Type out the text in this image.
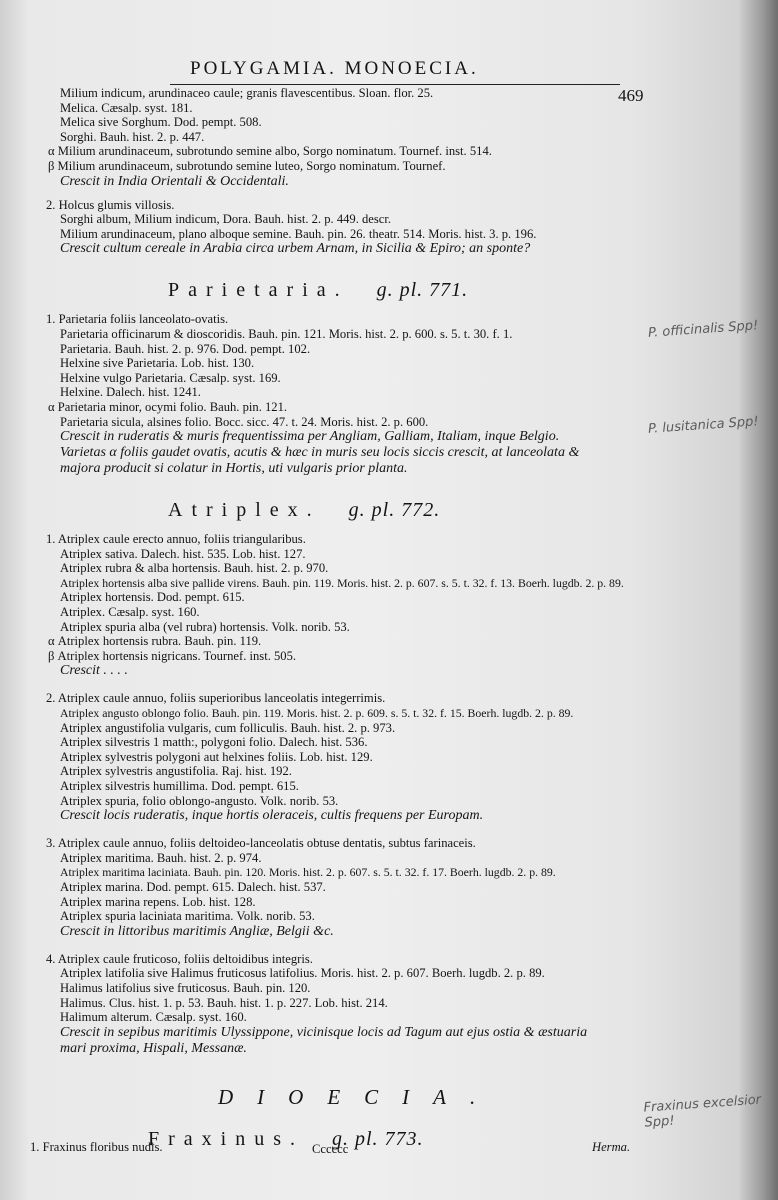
POLYGAMIA. MONOECIA.
469
Milium indicum, arundinaceo caule; granis flavescentibus. Sloan. flor. 25.
Melica. Cæsalp. syst. 181.
Melica sive Sorghum. Dod. pempt. 508.
Sorghi. Bauh. hist. 2. p. 447.
α Milium arundinaceum, subrotundo semine albo, Sorgo nominatum. Tournef. inst. 514.
β Milium arundinaceum, subrotundo semine luteo, Sorgo nominatum. Tournef.
Crescit in India Orientali & Occidentali.
2. Holcus glumis villosis.
Sorghi album, Milium indicum, Dora. Bauh. hist. 2. p. 449. descr.
Milium arundinaceum, plano alboque semine. Bauh. pin. 26. theatr. 514. Moris. hist. 3. p. 196.
Crescit cultum cereale in Arabia circa urbem Arnam, in Sicilia & Epiro; an sponte?
Parietaria. g. pl. 771.
1. Parietaria foliis lanceolato-ovatis.
Parietaria officinarum & dioscoridis. Bauh. pin. 121. Moris. hist. 2. p. 600. s. 5. t. 30. f. 1.
Parietaria. Bauh. hist. 2. p. 976. Dod. pempt. 102.
Helxine sive Parietaria. Lob. hist. 130.
Helxine vulgo Parietaria. Cæsalp. syst. 169.
Helxine. Dalech. hist. 1241.
α Parietaria minor, ocymi folio. Bauh. pin. 121.
Parietaria sicula, alsines folio. Bocc. sicc. 47. t. 24. Moris. hist. 2. p. 600.
Crescit in ruderatis & muris frequentissima per Angliam, Galliam, Italiam, inque Belgio.
Varietas α foliis gaudet ovatis, acutis & hæc in muris seu locis siccis crescit, at lanceolata &
majora producit si colatur in Hortis, uti vulgaris prior planta.
Atriplex. g. pl. 772.
1. Atriplex caule erecto annuo, foliis triangularibus.
Atriplex sativa. Dalech. hist. 535. Lob. hist. 127.
Atriplex rubra & alba hortensis. Bauh. hist. 2. p. 970.
Atriplex hortensis alba sive pallide virens. Bauh. pin. 119. Moris. hist. 2. p. 607. s. 5. t. 32. f. 13. Boerh. lugdb. 2. p. 89.
Atriplex hortensis. Dod. pempt. 615.
Atriplex. Cæsalp. syst. 160.
Atriplex spuria alba (vel rubra) hortensis. Volk. norib. 53.
α Atriplex hortensis rubra. Bauh. pin. 119.
β Atriplex hortensis nigricans. Tournef. inst. 505.
Crescit . . . .
2. Atriplex caule annuo, foliis superioribus lanceolatis integerrimis.
Atriplex angusto oblongo folio. Bauh. pin. 119. Moris. hist. 2. p. 609. s. 5. t. 32. f. 15. Boerh. lugdb. 2. p. 89.
Atriplex angustifolia vulgaris, cum folliculis. Bauh. hist. 2. p. 973.
Atriplex silvestris 1 matth:, polygoni folio. Dalech. hist. 536.
Atriplex sylvestris polygoni aut helxines foliis. Lob. hist. 129.
Atriplex sylvestris angustifolia. Raj. hist. 192.
Atriplex silvestris humillima. Dod. pempt. 615.
Atriplex spuria, folio oblongo-angusto. Volk. norib. 53.
Crescit locis ruderatis, inque hortis oleraceis, cultis frequens per Europam.
3. Atriplex caule annuo, foliis deltoideo-lanceolatis obtuse dentatis, subtus farinaceis.
Atriplex maritima. Bauh. hist. 2. p. 974.
Atriplex maritima laciniata. Bauh. pin. 120. Moris. hist. 2. p. 607. s. 5. t. 32. f. 17. Boerh. lugdb. 2. p. 89.
Atriplex marina. Dod. pempt. 615. Dalech. hist. 537.
Atriplex marina repens. Lob. hist. 128.
Atriplex spuria laciniata maritima. Volk. norib. 53.
Crescit in littoribus maritimis Angliæ, Belgii &c.
4. Atriplex caule fruticoso, foliis deltoidibus integris.
Atriplex latifolia sive Halimus fruticosus latifolius. Moris. hist. 2. p. 607. Boerh. lugdb. 2. p. 89.
Halimus latifolius sive fruticosus. Bauh. pin. 120.
Halimus. Clus. hist. 1. p. 53. Bauh. hist. 1. p. 227. Lob. hist. 214.
Halimum alterum. Cæsalp. syst. 160.
Crescit in sepibus maritimis Ulyssippone, vicinisque locis ad Tagum aut ejus ostia & æstuaria
mari proxima, Hispali, Messanæ.
DIOECIA.
Fraxinus. g. pl. 773.
1. Fraxinus floribus nudis.	Cccccc	Herma.
P. officinalis Spp!
P. lusitanica Spp!
Fraxinus excelsior Spp!
